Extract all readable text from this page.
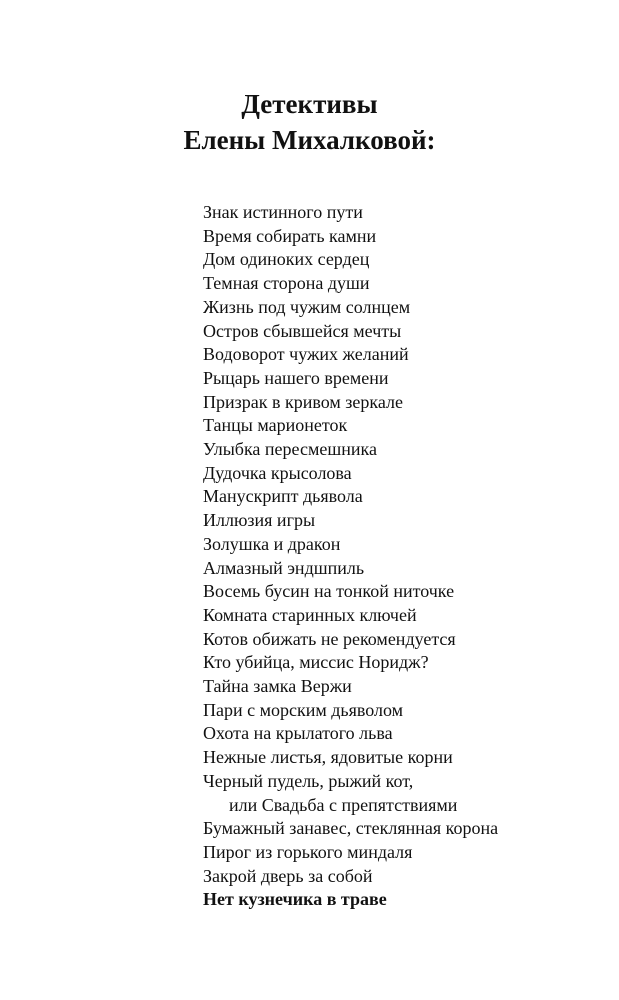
Детективы
Елены Михалковой:
Знак истинного пути
Время собирать камни
Дом одиноких сердец
Темная сторона души
Жизнь под чужим солнцем
Остров сбывшейся мечты
Водоворот чужих желаний
Рыцарь нашего времени
Призрак в кривом зеркале
Танцы марионеток
Улыбка пересмешника
Дудочка крысолова
Манускрипт дьявола
Иллюзия игры
Золушка и дракон
Алмазный эндшпиль
Восемь бусин на тонкой ниточке
Комната старинных ключей
Котов обижать не рекомендуется
Кто убийца, миссис Норидж?
Тайна замка Вержи
Пари с морским дьяволом
Охота на крылатого льва
Нежные листья, ядовитые корни
Черный пудель, рыжий кот,
или Свадьба с препятствиями
Бумажный занавес, стеклянная корона
Пирог из горького миндаля
Закрой дверь за собой
Нет кузнечика в траве
